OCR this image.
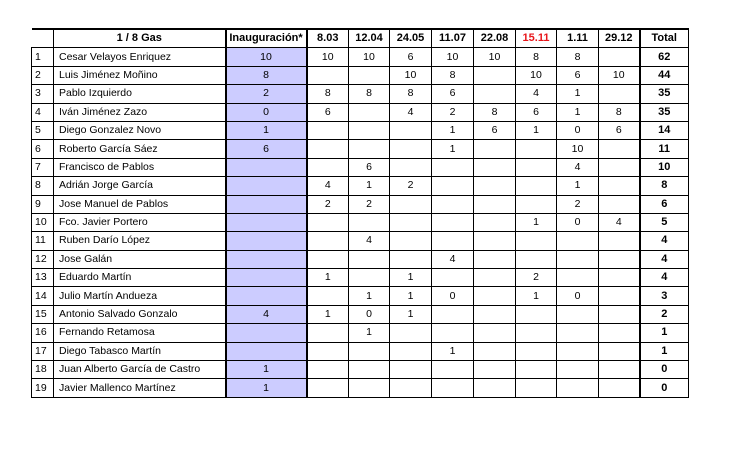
	1 / 8 Gas	Inauguración*	8.03	12.04	24.05	11.07	22.08	15.11	1.11	29.12	Total
1	Cesar Velayos Enriquez	10	10	10	6	10	10	8	8		62
2	Luis Jiménez Moñino	8			10	8		10	6	10	44
3	Pablo Izquierdo	2	8	8	8	6		4	1		35
4	Iván Jiménez Zazo	0	6		4	2	8	6	1	8	35
5	Diego Gonzalez Novo	1				1	6	1	0	6	14
6	Roberto García Sáez	6				1			10		11
7	Francisco de Pablos			6					4		10
8	Adrián Jorge García		4	1	2				1		8
9	Jose Manuel de Pablos		2	2					2		6
10	Fco. Javier Portero							1	0	4	5
11	Ruben Darío López			4							4
12	Jose Galán					4					4
13	Eduardo Martín		1		1			2			4
14	Julio Martín Andueza			1	1	0		1	0		3
15	Antonio Salvado Gonzalo	4	1	0	1						2
16	Fernando Retamosa			1							1
17	Diego Tabasco Martín					1					1
18	Juan Alberto García de Castro	1									0
19	Javier Mallenco Martínez	1									0
